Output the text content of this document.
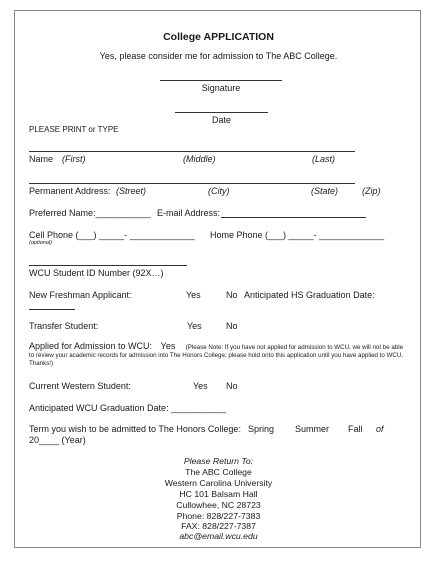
College APPLICATION
Yes, please consider me for admission to The ABC College.
Signature
Date
PLEASE PRINT or TYPE
Name (First)	(Middle)	(Last)
Permanent Address: (Street)	(City)	(State)	(Zip)
Preferred Name:___________ E-mail Address:
Cell Phone (___) _____- _____________
(optional)
Home Phone (___) _____- _____________
WCU Student ID Number (92X…)
New Freshman Applicant:	Yes	No Anticipated HS Graduation Date:
Transfer Student:	Yes	No
Applied for Admission to WCU: Yes (Please Note: If you have not applied for admission to WCU, we will not be able to review your academic records for admission into The Honors College; please hold onto this application until you have applied to WCU. Thanks!)
Current Western Student:	Yes No
Anticipated WCU Graduation Date: ___________
Term you wish to be admitted to The Honors College: Spring Summer Fall of
20____ (Year)
Please Return To:
The ABC College
Western Carolina University
HC 101 Balsam Hall
Cullowhee, NC 28723
Phone: 828/227-7383
FAX: 828/227-7387
abc@email.wcu.edu
